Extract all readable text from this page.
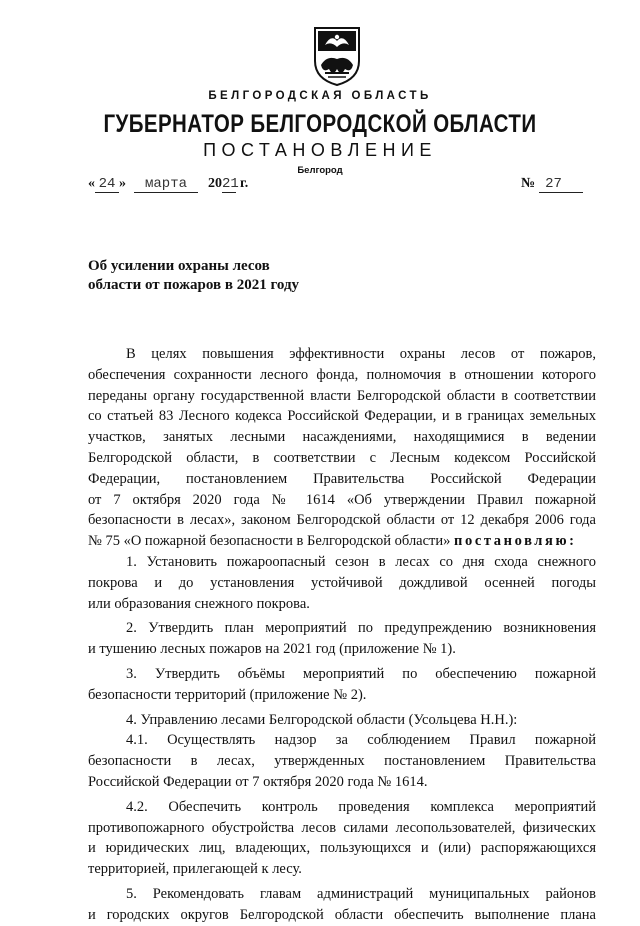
БЕЛГОРОДСКАЯ ОБЛАСТЬ
ГУБЕРНАТОР БЕЛГОРОДСКОЙ ОБЛАСТИ
ПОСТАНОВЛЕНИЕ
Белгород
« 24 » марта 2021г.	№ 27
Об усилении охраны лесов
области от пожаров в 2021 году
В целях повышения эффективности охраны лесов от пожаров,
обеспечения сохранности лесного фонда, полномочия в отношении которого
переданы органу государственной власти Белгородской области в соответствии
со статьей 83 Лесного кодекса Российской Федерации, и в границах земельных
участков, занятых лесными насаждениями, находящимися в ведении
Белгородской области, в соответствии с Лесным кодексом Российской
Федерации, постановлением Правительства Российской Федерации
от 7 октября 2020 года № 1614 «Об утверждении Правил пожарной
безопасности в лесах», законом Белгородской области от 12 декабря 2006 года
№ 75 «О пожарной безопасности в Белгородской области» постановляю:
1. Установить пожароопасный сезон в лесах со дня схода снежного
покрова и до установления устойчивой дождливой осенней погоды
или образования снежного покрова.
2. Утвердить план мероприятий по предупреждению возникновения
и тушению лесных пожаров на 2021 год (приложение № 1).
3. Утвердить объёмы мероприятий по обеспечению пожарной
безопасности территорий (приложение № 2).
4. Управлению лесами Белгородской области (Усольцева Н.Н.):
4.1. Осуществлять надзор за соблюдением Правил пожарной
безопасности в лесах, утвержденных постановлением Правительства
Российской Федерации от 7 октября 2020 года № 1614.
4.2. Обеспечить контроль проведения комплекса мероприятий
противопожарного обустройства лесов силами лесопользователей, физических
и юридических лиц, владеющих, пользующихся и (или) распоряжающихся
территорией, прилегающей к лесу.
5. Рекомендовать главам администраций муниципальных районов
и городских округов Белгородской области обеспечить выполнение плана
